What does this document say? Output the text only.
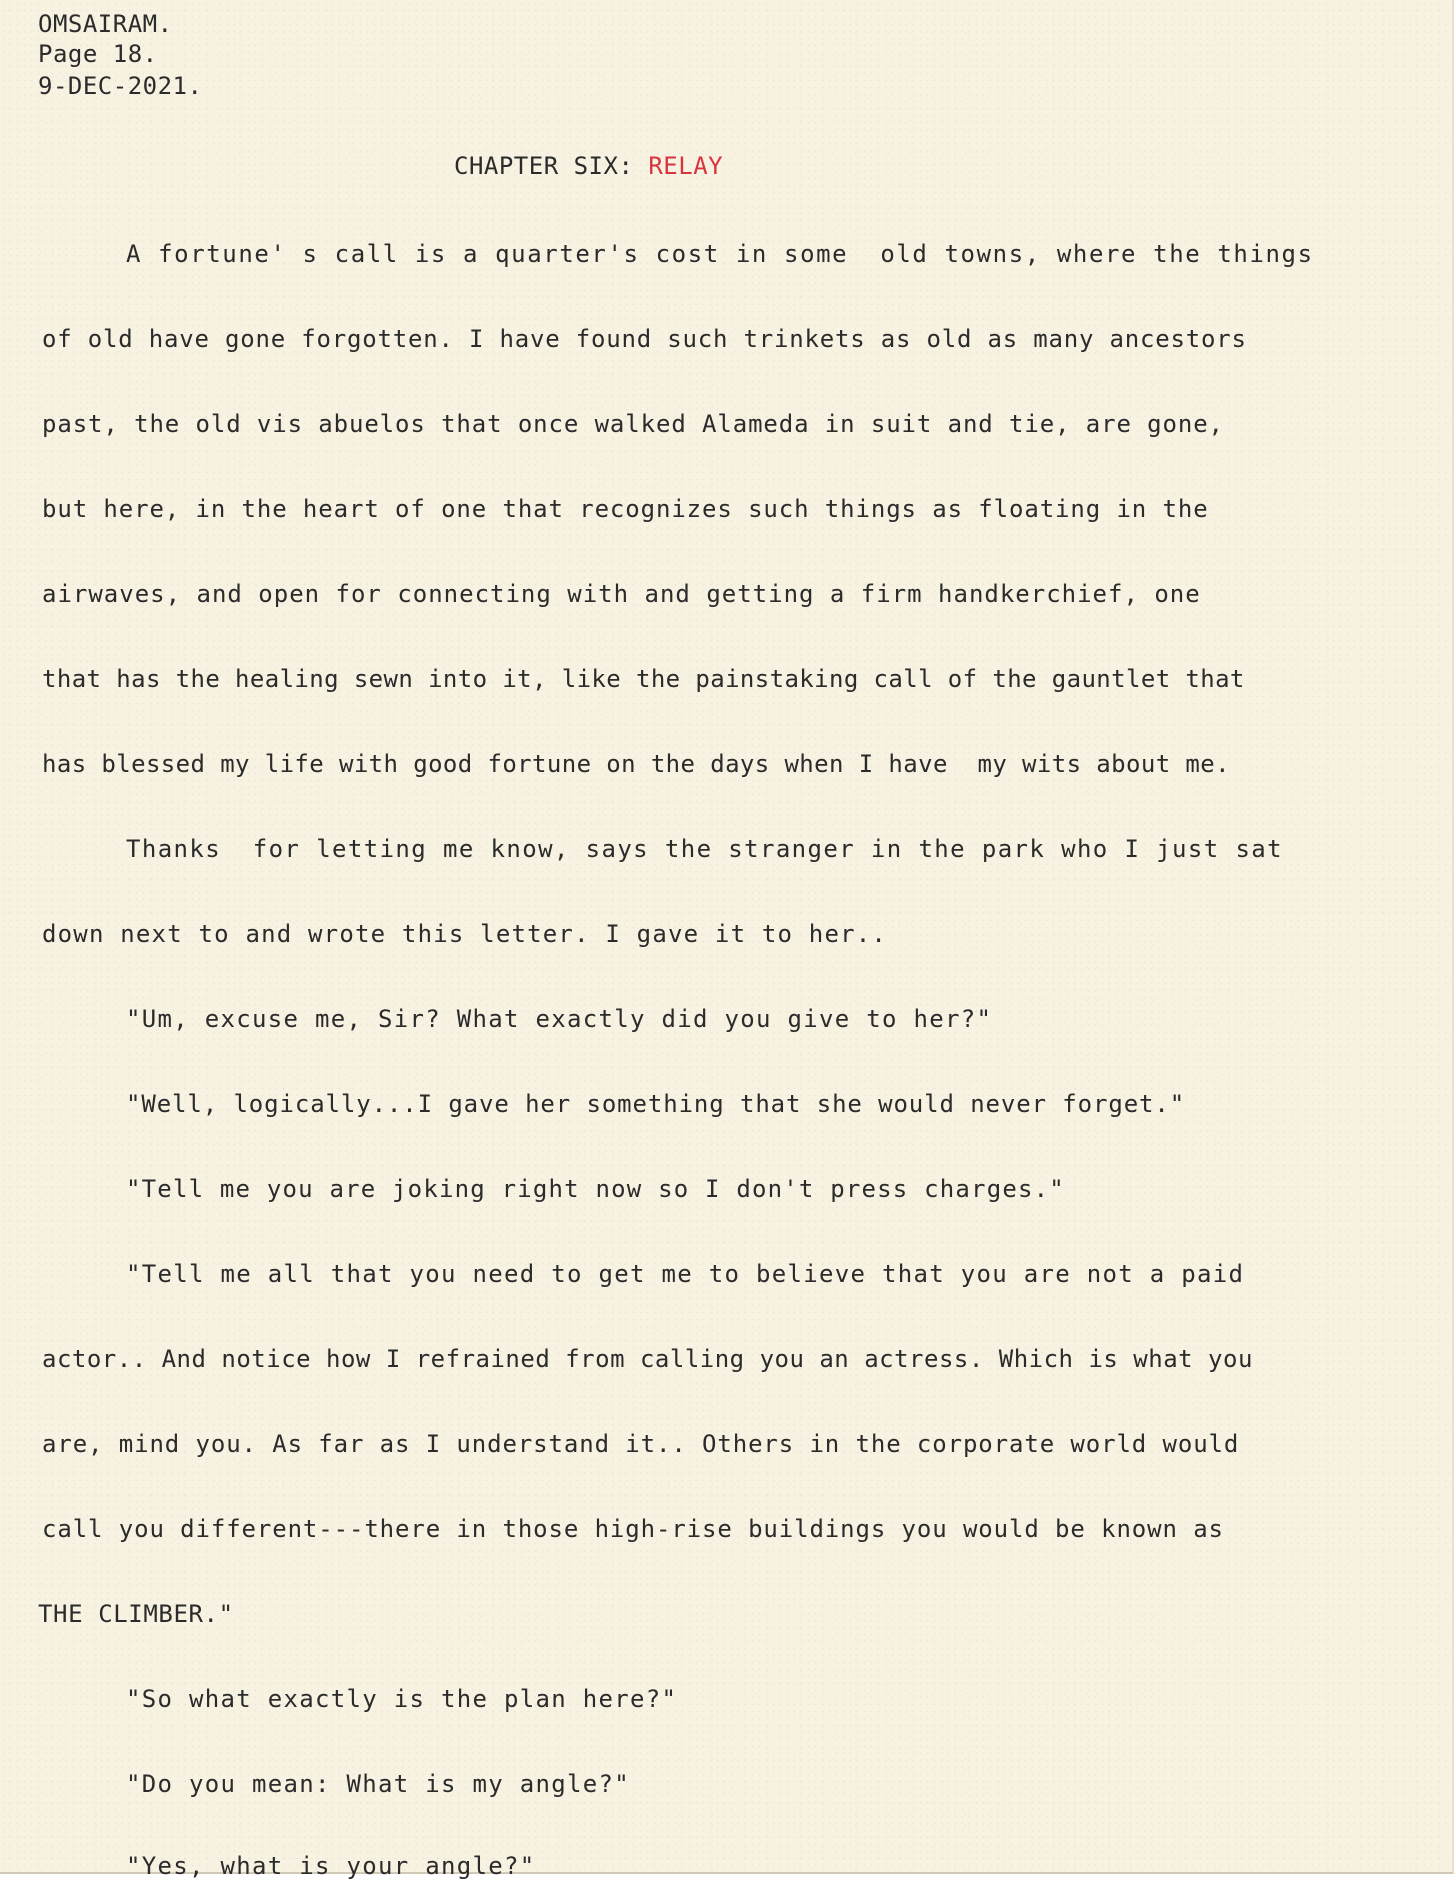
OMSAIRAM.
Page 18.
9-DEC-2021.
CHAPTER SIX: RELAY
A fortune' s call is a quarter's cost in some  old towns, where the things
of old have gone forgotten. I have found such trinkets as old as many ancestors
past, the old vis abuelos that once walked Alameda in suit and tie, are gone,
but here, in the heart of one that recognizes such things as floating in the
airwaves, and open for connecting with and getting a firm handkerchief, one
that has the healing sewn into it, like the painstaking call of the gauntlet that
has blessed my life with good fortune on the days when I have  my wits about me.
Thanks  for letting me know, says the stranger in the park who I just sat
down next to and wrote this letter. I gave it to her..
"Um, excuse me, Sir? What exactly did you give to her?"
"Well, logically...I gave her something that she would never forget."
"Tell me you are joking right now so I don't press charges."
"Tell me all that you need to get me to believe that you are not a paid
actor.. And notice how I refrained from calling you an actress. Which is what you
are, mind you. As far as I understand it.. Others in the corporate world would
call you different---there in those high-rise buildings you would be known as
THE CLIMBER."
"So what exactly is the plan here?"
"Do you mean: What is my angle?"
"Yes, what is your angle?"
